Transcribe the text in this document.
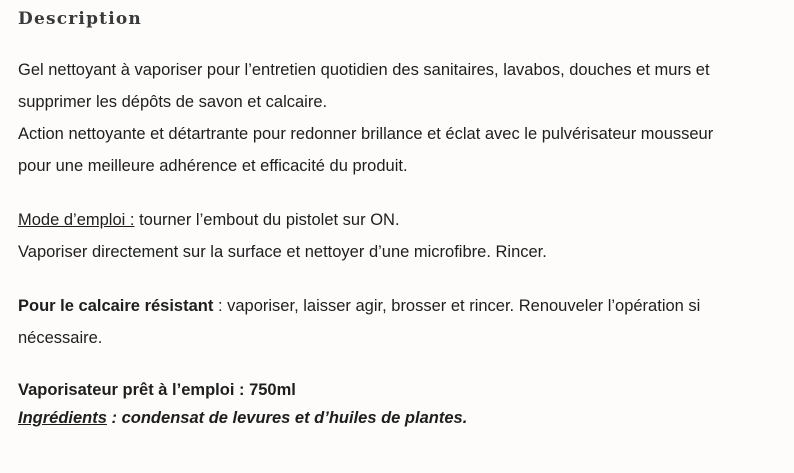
Description

Gel nettoyant à vaporiser pour l’entretien quotidien des sanitaires, lavabos, douches et murs et

supprimer les dépôts de savon et calcaire.

Action nettoyante et détartrante pour redonner brillance et éclat avec le pulvérisateur mousseur

pour une meilleure adhérence et efficacité du produit.

Mode d’emploi : tourner l’embout du pistolet sur ON.

Vaporiser directement sur la surface et nettoyer d’une microfibre. Rincer.

Pour le calcaire résistant : vaporiser, laisser agir, brosser et rincer. Renouveler l’opération si

nécessaire.

Vaporisateur prêt à l’emploi : 750ml

Ingrédients : condensat de levures et d’huiles de plantes.
